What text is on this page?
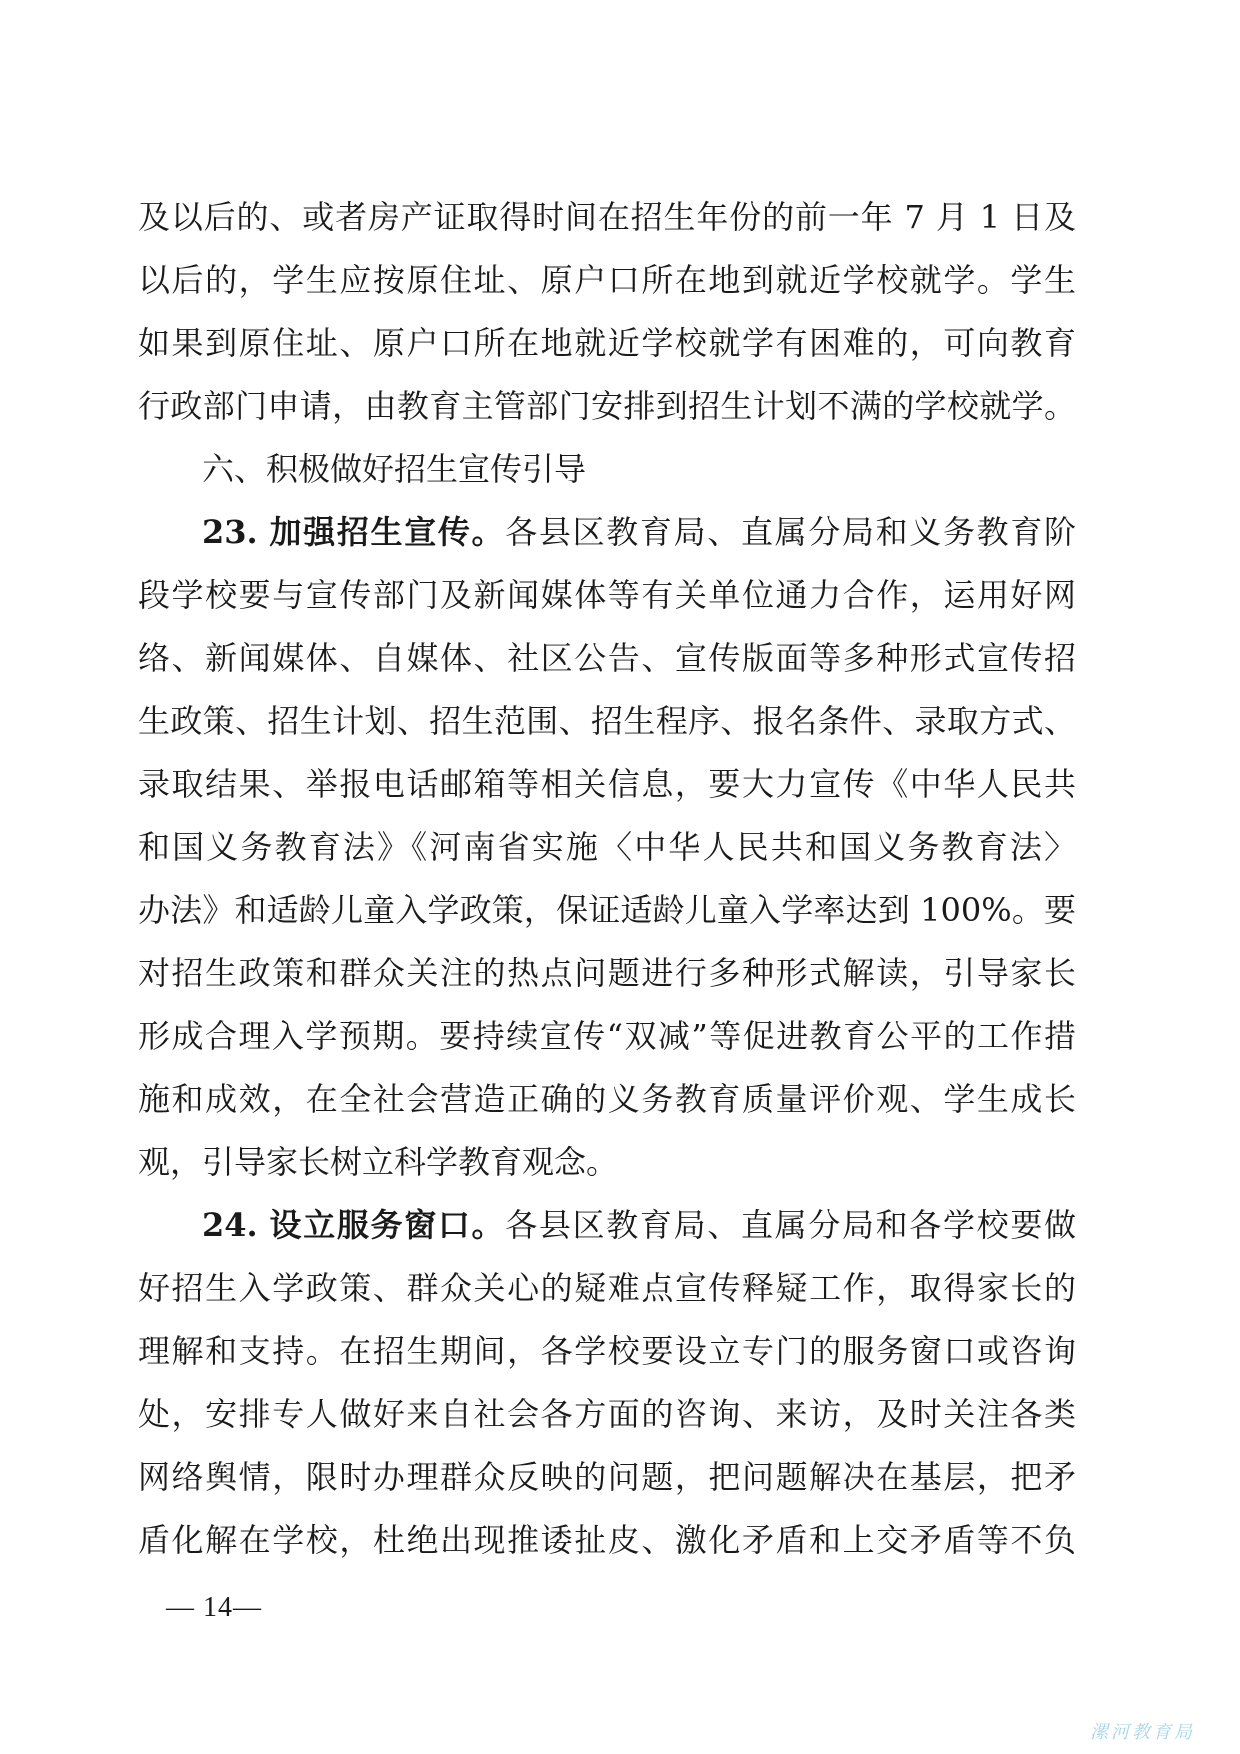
及以后的、或者房产证取得时间在招生年份的前一年 7 月 1 日及
以后的，学生应按原住址、原户口所在地到就近学校就学。学生
如果到原住址、原户口所在地就近学校就学有困难的，可向教育
行政部门申请，由教育主管部门安排到招生计划不满的学校就学。
六、积极做好招生宣传引导
23. 加强招生宣传。各县区教育局、直属分局和义务教育阶
段学校要与宣传部门及新闻媒体等有关单位通力合作，运用好网
络、新闻媒体、自媒体、社区公告、宣传版面等多种形式宣传招
生政策、招生计划、招生范围、招生程序、报名条件、录取方式、
录取结果、举报电话邮箱等相关信息，要大力宣传《中华人民共
和国义务教育法》《河南省实施〈中华人民共和国义务教育法〉
办法》和适龄儿童入学政策，保证适龄儿童入学率达到 100%。要
对招生政策和群众关注的热点问题进行多种形式解读，引导家长
形成合理入学预期。要持续宣传“双减”等促进教育公平的工作措
施和成效，在全社会营造正确的义务教育质量评价观、学生成长
观，引导家长树立科学教育观念。
24. 设立服务窗口。各县区教育局、直属分局和各学校要做
好招生入学政策、群众关心的疑难点宣传释疑工作，取得家长的
理解和支持。在招生期间，各学校要设立专门的服务窗口或咨询
处，安排专人做好来自社会各方面的咨询、来访，及时关注各类
网络舆情，限时办理群众反映的问题，把问题解决在基层，把矛
盾化解在学校，杜绝出现推诿扯皮、激化矛盾和上交矛盾等不负
— 14—
漯河教育局
